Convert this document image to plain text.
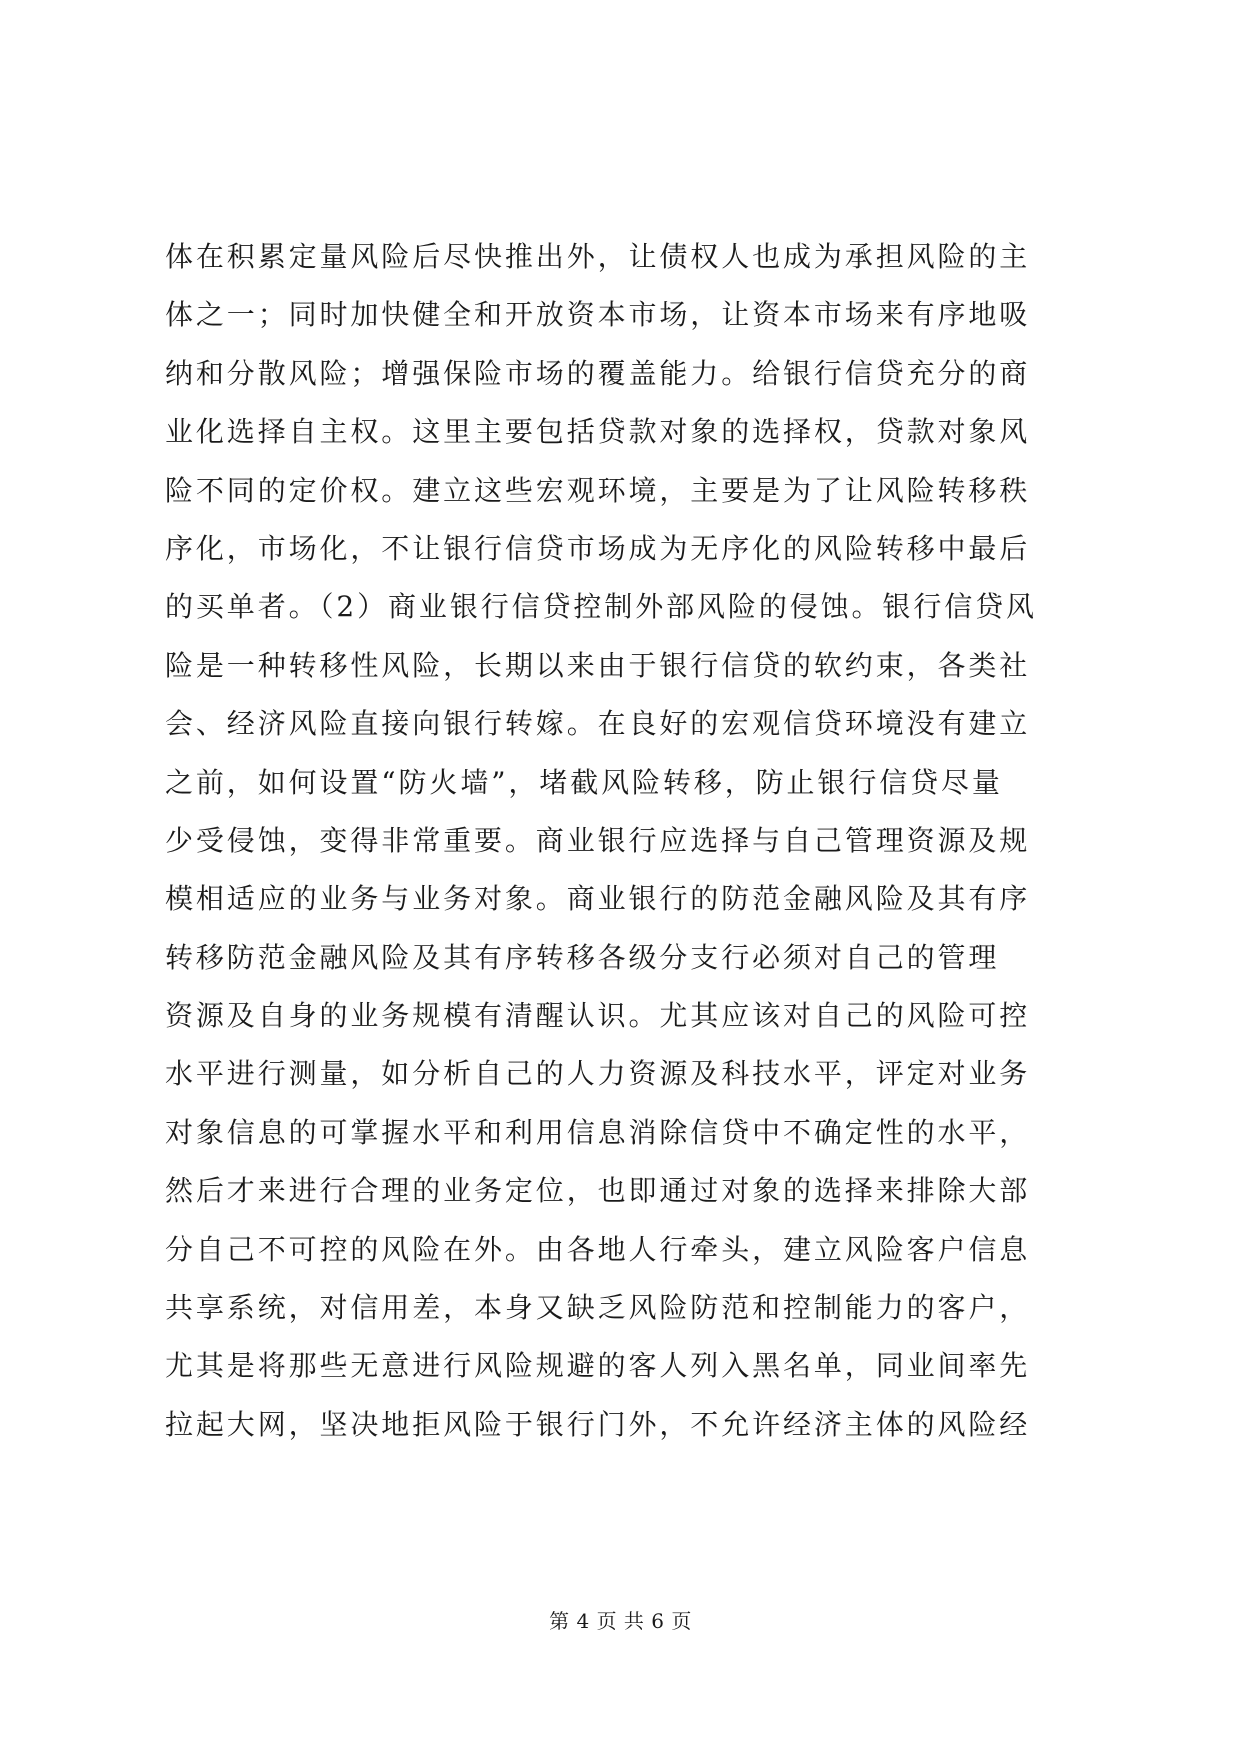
体在积累定量风险后尽快推出外，让债权人也成为承担风险的主
体之一；同时加快健全和开放资本市场，让资本市场来有序地吸
纳和分散风险；增强保险市场的覆盖能力。给银行信贷充分的商
业化选择自主权。这里主要包括贷款对象的选择权，贷款对象风
险不同的定价权。建立这些宏观环境，主要是为了让风险转移秩
序化，市场化，不让银行信贷市场成为无序化的风险转移中最后
的买单者。（2）商业银行信贷控制外部风险的侵蚀。银行信贷风
险是一种转移性风险，长期以来由于银行信贷的软约束，各类社
会、经济风险直接向银行转嫁。在良好的宏观信贷环境没有建立
之前，如何设置“防火墙”，堵截风险转移，防止银行信贷尽量
少受侵蚀，变得非常重要。商业银行应选择与自己管理资源及规
模相适应的业务与业务对象。商业银行的防范金融风险及其有序
转移防范金融风险及其有序转移各级分支行必须对自己的管理
资源及自身的业务规模有清醒认识。尤其应该对自己的风险可控
水平进行测量，如分析自己的人力资源及科技水平，评定对业务
对象信息的可掌握水平和利用信息消除信贷中不确定性的水平，
然后才来进行合理的业务定位，也即通过对象的选择来排除大部
分自己不可控的风险在外。由各地人行牵头，建立风险客户信息
共享系统，对信用差，本身又缺乏风险防范和控制能力的客户，
尤其是将那些无意进行风险规避的客人列入黑名单，同业间率先
拉起大网，坚决地拒风险于银行门外，不允许经济主体的风险经
第 4 页 共 6 页
